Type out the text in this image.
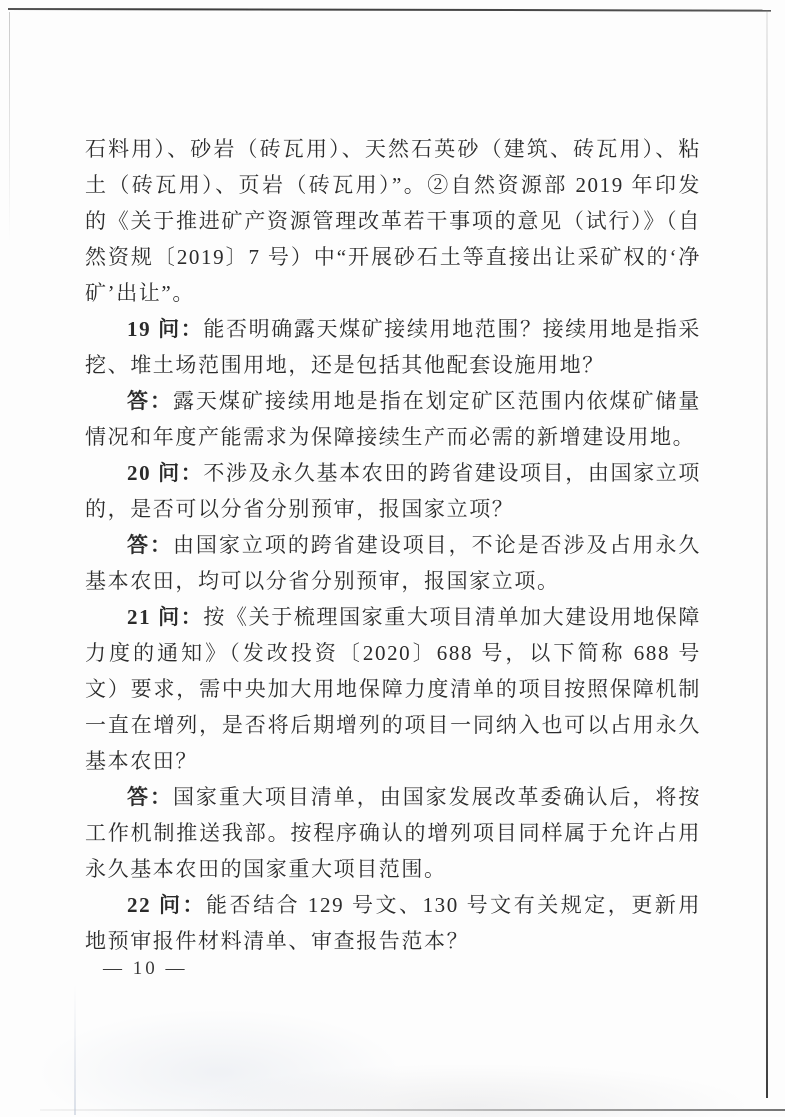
石料用）、砂岩（砖瓦用）、天然石英砂（建筑、砖瓦用）、粘土（砖瓦用）、页岩（砖瓦用）”。②自然资源部 2019 年印发的《关于推进矿产资源管理改革若干事项的意见（试行）》（自然资规〔2019〕7 号）中“开展砂石土等直接出让采矿权的‘净矿’出让”。

19 问：能否明确露天煤矿接续用地范围？接续用地是指采挖、堆土场范围用地，还是包括其他配套设施用地？

答：露天煤矿接续用地是指在划定矿区范围内依煤矿储量情况和年度产能需求为保障接续生产而必需的新增建设用地。

20 问：不涉及永久基本农田的跨省建设项目，由国家立项的，是否可以分省分别预审，报国家立项？

答：由国家立项的跨省建设项目，不论是否涉及占用永久基本农田，均可以分省分别预审，报国家立项。

21 问：按《关于梳理国家重大项目清单加大建设用地保障力度的通知》（发改投资〔2020〕688 号，以下简称 688 号文）要求，需中央加大用地保障力度清单的项目按照保障机制一直在增列，是否将后期增列的项目一同纳入也可以占用永久基本农田？

答：国家重大项目清单，由国家发展改革委确认后，将按工作机制推送我部。按程序确认的增列项目同样属于允许占用永久基本农田的国家重大项目范围。

22 问：能否结合 129 号文、130 号文有关规定，更新用地预审报件材料清单、审查报告范本？

— 10 —
